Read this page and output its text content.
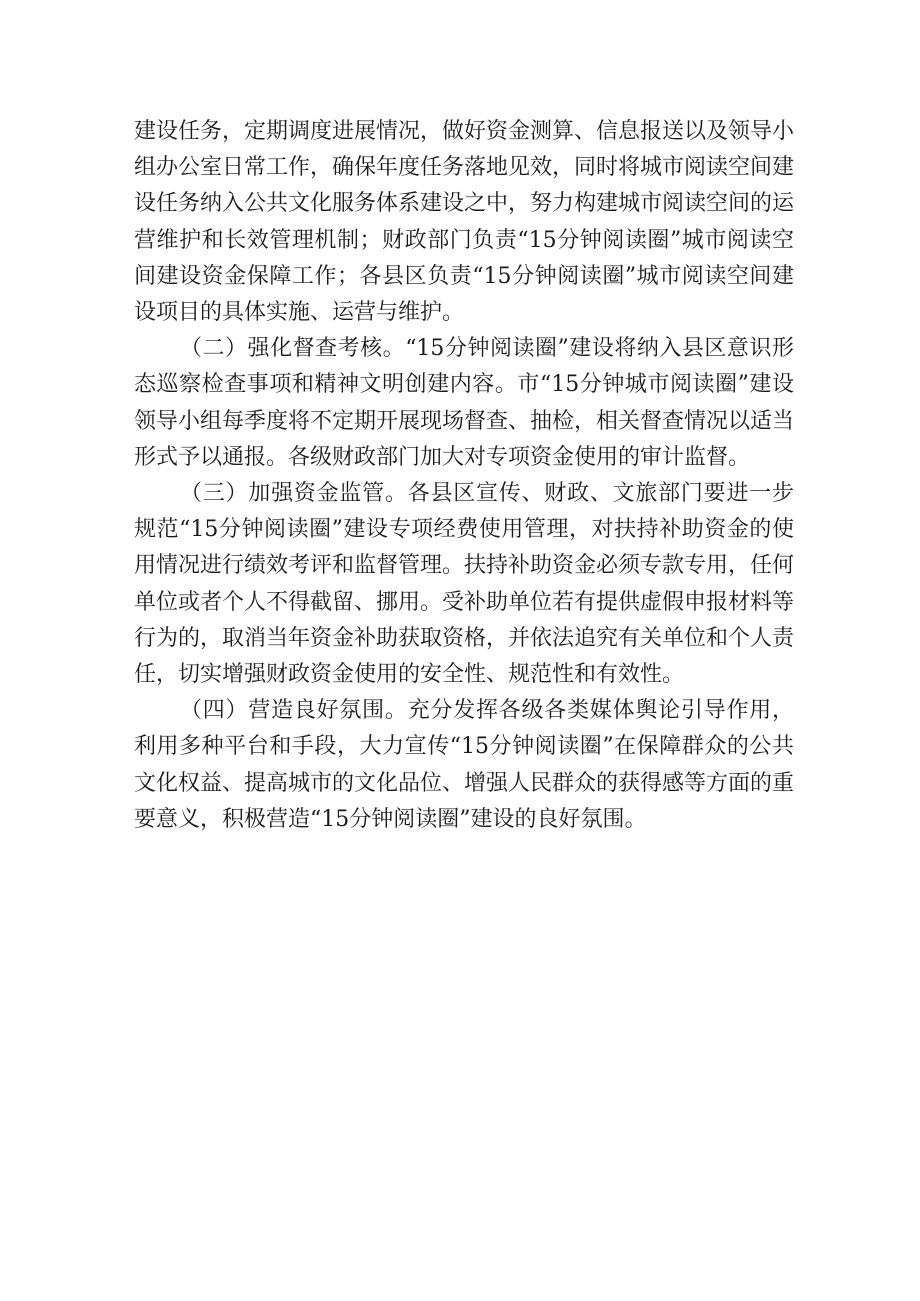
建设任务，定期调度进展情况，做好资金测算、信息报送以及领导小组办公室日常工作，确保年度任务落地见效，同时将城市阅读空间建设任务纳入公共文化服务体系建设之中，努力构建城市阅读空间的运营维护和长效管理机制；财政部门负责“15分钟阅读圈”城市阅读空间建设资金保障工作；各县区负责“15分钟阅读圈”城市阅读空间建设项目的具体实施、运营与维护。

（二）强化督查考核。“15分钟阅读圈”建设将纳入县区意识形态巡察检查事项和精神文明创建内容。市“15分钟城市阅读圈”建设领导小组每季度将不定期开展现场督查、抽检，相关督查情况以适当形式予以通报。各级财政部门加大对专项资金使用的审计监督。

（三）加强资金监管。各县区宣传、财政、文旅部门要进一步规范“15分钟阅读圈”建设专项经费使用管理，对扶持补助资金的使用情况进行绩效考评和监督管理。扶持补助资金必须专款专用，任何单位或者个人不得截留、挪用。受补助单位若有提供虚假申报材料等行为的，取消当年资金补助获取资格，并依法追究有关单位和个人责任，切实增强财政资金使用的安全性、规范性和有效性。

（四）营造良好氛围。充分发挥各级各类媒体舆论引导作用，利用多种平台和手段，大力宣传“15分钟阅读圈”在保障群众的公共文化权益、提高城市的文化品位、增强人民群众的获得感等方面的重要意义，积极营造“15分钟阅读圈”建设的良好氛围。
